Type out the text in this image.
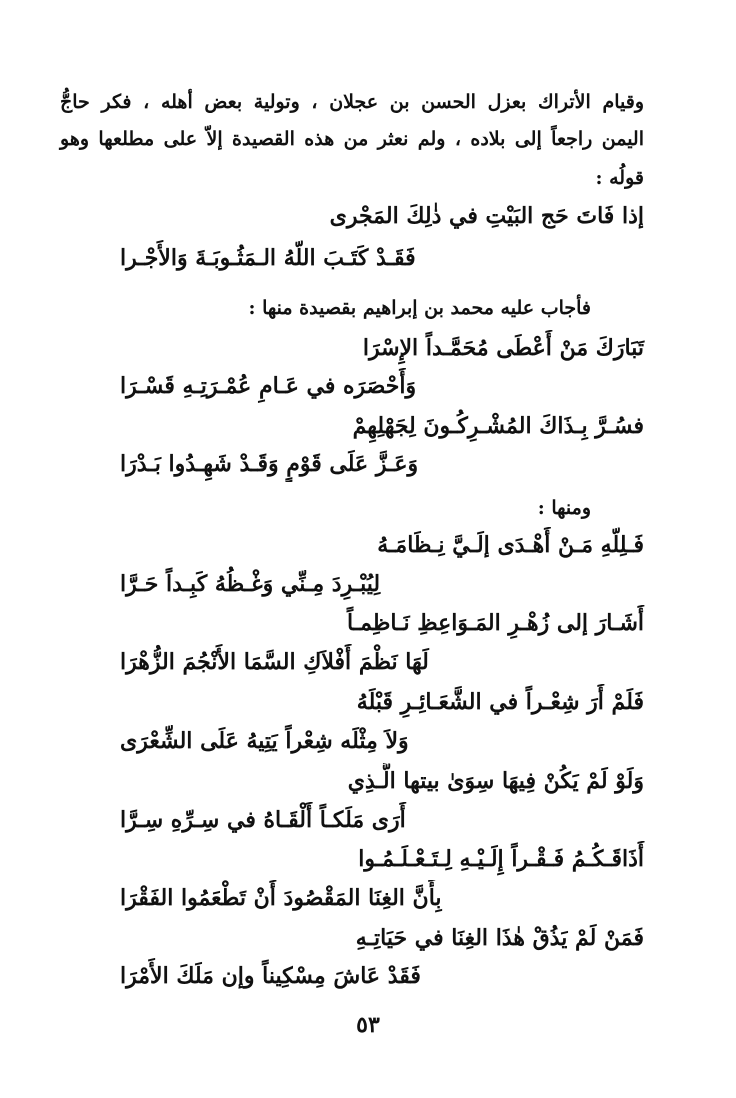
وقيام الأتراك بعزل الحسن بن عجلان ، وتولية بعض أهله ، فكر حاجُّ
اليمن راجعاً إلى بلاده ، ولم نعثر من هذه القصيدة إلاّ على مطلعها وهو
قولُه :
إذا فَاتَ حَج البَيْتِ في ذٰلِكَ المَجْرى
فَقَـدْ كَتَـبَ اللّهُ الـمَثُـوبَـةَ وَالأَجْـرا
فأجاب عليه محمد بن إبراهيم بقصيدة منها :
تَبَارَكَ مَنْ أَعْطَى مُحَمَّـداً الإِسْرَا
وَأَحْصَرَه في عَـامِ عُمْـرَتِـهِ قَسْـرَا
فسُـرَّ بِـذَاكَ المُشْـرِكُـونَ لِجَهْلِهِمْ
وَعَـزَّ عَلَى قَوْمٍ وَقَـدْ شَهِـدُوا بَـدْرَا
ومنها :
فَـلِلّهِ مَـنْ أَهْـدَى إلَـيَّ نِـظَامَـهُ
لِيُبْـرِدَ مِـنِّي وَغْـظُهُ كَبِـداً حَـرَّا
أَشَـارَ إلى زُهْـرِ المَـوَاعِظِ نَـاظِمـاً
لَهَا نَظْمَ أَفْلاَكِ السَّمَا الأَنْجُمَ الزُّهْرَا
فَلَمْ أَرَ شِعْـراً في الشَّعَـائِـرِ قَبْلَهُ
وَلاَ مِثْلَه شِعْراً يَتِيهُ عَلَى الشِّعْرَى
وَلَوْ لَمْ يَكُنْ فِيهَا سِوَىٰ بيتها الَّـذِي
أَرَى مَلَكـاً أَلْقَـاهُ في سِـرِّهِ سِـرَّا
أَذَاقَـكُـمُ فَـقْـراً إِلَـيْـهِ لِـتَـعْـلَـمُـوا
بِأَنَّ الغِنَا المَقْصُودَ أَنْ تَطْعَمُوا الفَقْرَا
فَمَنْ لَمْ يَذُقْ هٰذَا الغِنَا في حَيَاتِـهِ
فَقَدْ عَاشَ مِسْكِيناً وإن مَلَكَ الأَمْرَا
٥٣
